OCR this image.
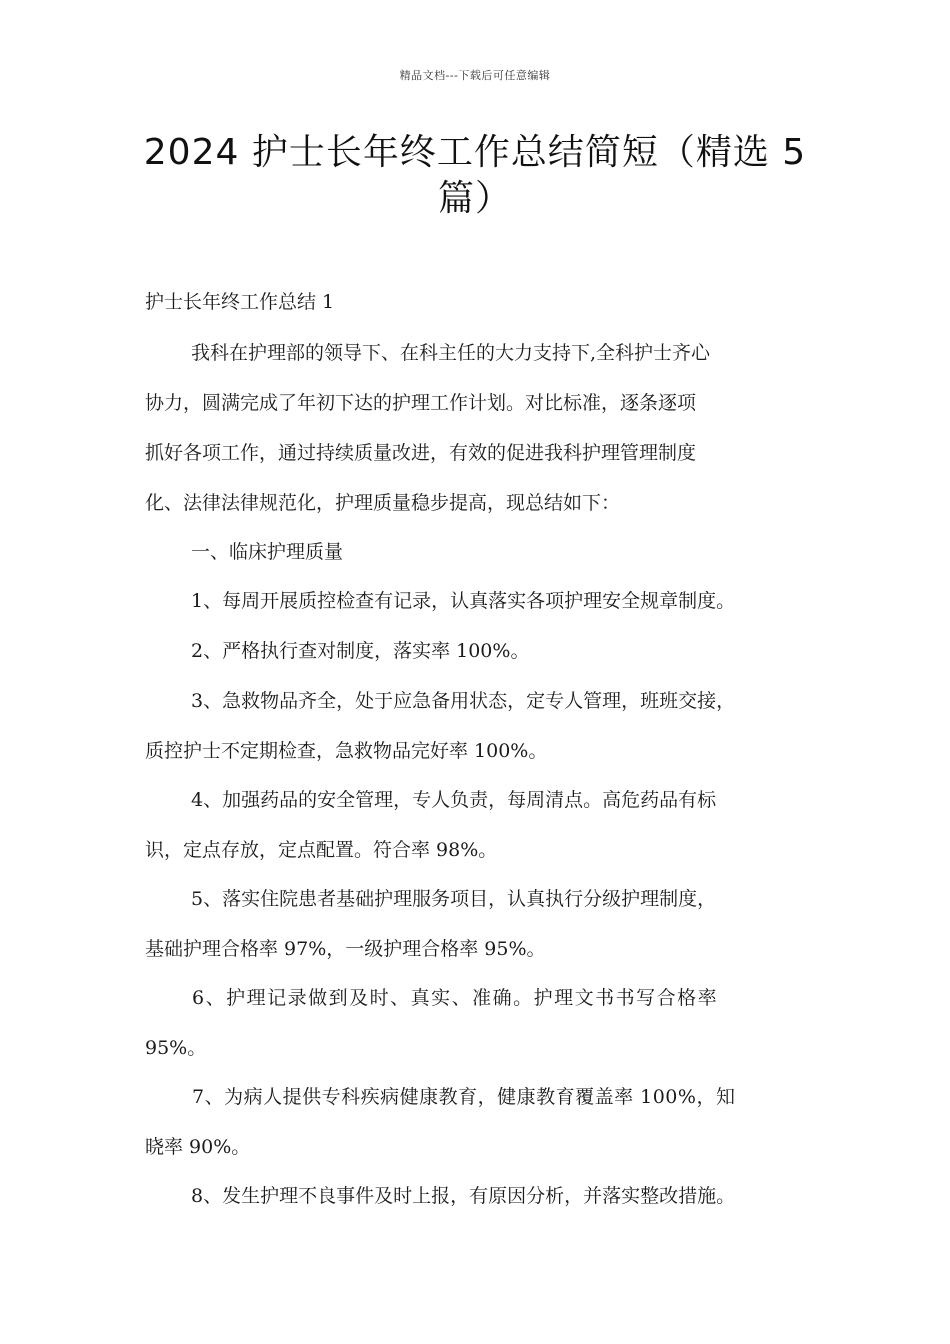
精品文档---下载后可任意编辑
2024 护士长年终工作总结简短（精选 5
篇）
护士长年终工作总结 1
我科在护理部的领导下、在科主任的大力支持下,全科护士齐心
协力，圆满完成了年初下达的护理工作计划。对比标准，逐条逐项
抓好各项工作，通过持续质量改进，有效的促进我科护理管理制度
化、法律法律规范化，护理质量稳步提高，现总结如下：
一、临床护理质量
1、每周开展质控检查有记录，认真落实各项护理安全规章制度。
2、严格执行查对制度，落实率 100%。
3、急救物品齐全，处于应急备用状态，定专人管理，班班交接，
质控护士不定期检查，急救物品完好率 100%。
4、加强药品的安全管理，专人负责，每周清点。高危药品有标
识，定点存放，定点配置。符合率 98%。
5、落实住院患者基础护理服务项目，认真执行分级护理制度，
基础护理合格率 97%，一级护理合格率 95%。
6、护理记录做到及时、真实、准确。护理文书书写合格率
95%。
7、为病人提供专科疾病健康教育，健康教育覆盖率 100%，知
晓率 90%。
8、发生护理不良事件及时上报，有原因分析，并落实整改措施。
